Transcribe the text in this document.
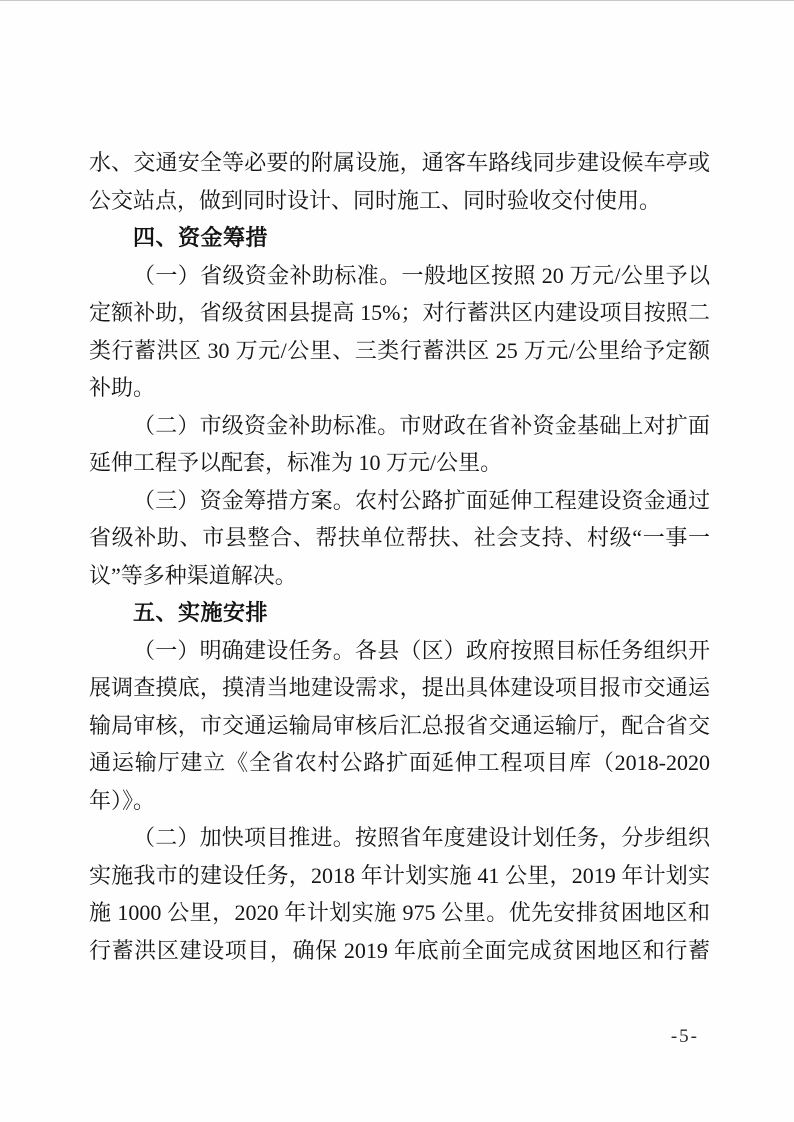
水、交通安全等必要的附属设施，通客车路线同步建设候车亭或
公交站点，做到同时设计、同时施工、同时验收交付使用。
四、资金筹措
（一）省级资金补助标准。一般地区按照 20 万元/公里予以
定额补助，省级贫困县提高 15%；对行蓄洪区内建设项目按照二
类行蓄洪区 30 万元/公里、三类行蓄洪区 25 万元/公里给予定额
补助。
（二）市级资金补助标准。市财政在省补资金基础上对扩面
延伸工程予以配套，标准为 10 万元/公里。
（三）资金筹措方案。农村公路扩面延伸工程建设资金通过
省级补助、市县整合、帮扶单位帮扶、社会支持、村级“一事一
议”等多种渠道解决。
五、实施安排
（一）明确建设任务。各县（区）政府按照目标任务组织开
展调查摸底，摸清当地建设需求，提出具体建设项目报市交通运
输局审核，市交通运输局审核后汇总报省交通运输厅，配合省交
通运输厅建立《全省农村公路扩面延伸工程项目库（2018-2020
年）》。
（二）加快项目推进。按照省年度建设计划任务，分步组织
实施我市的建设任务，2018 年计划实施 41 公里，2019 年计划实
施 1000 公里，2020 年计划实施 975 公里。优先安排贫困地区和
行蓄洪区建设项目，确保 2019 年底前全面完成贫困地区和行蓄
-5-
